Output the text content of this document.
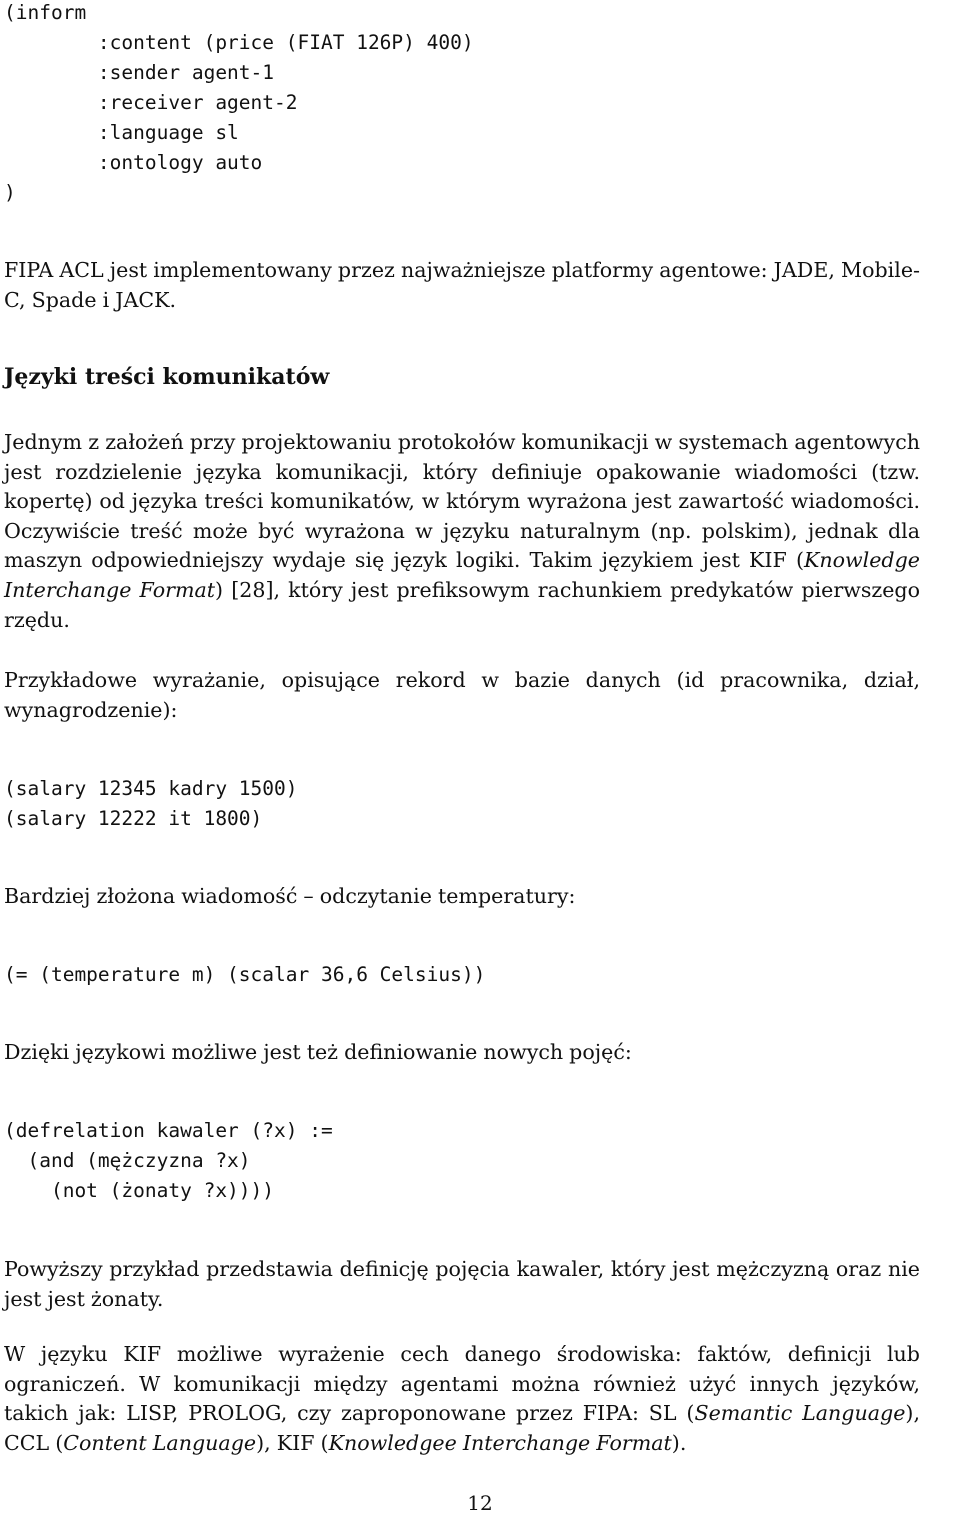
(inform
:content (price (FIAT 126P) 400)
:sender agent-1
:receiver agent-2
:language sl
:ontology auto
)

FIPA ACL jest implementowany przez najważniejsze platformy agentowe: JADE, Mobile-C, Spade i JACK.

Języki treści komunikatów

Jednym z założeń przy projektowaniu protokołów komunikacji w systemach agentowych jest rozdzielenie języka komunikacji, który definiuje opakowanie wiadomości (tzw. kopertę) od języka treści komunikatów, w którym wyrażona jest zawartość wiadomości. Oczywiście treść może być wyrażona w języku naturalnym (np. polskim), jednak dla maszyn odpowiedniejszy wydaje się język logiki. Takim językiem jest KIF (Knowledge Interchange Format) [28], który jest prefiksowym rachunkiem predykatów pierwszego rzędu.

Przykładowe wyrażanie, opisujące rekord w bazie danych (id pracownika, dział, wynagrodzenie):

(salary 12345 kadry 1500)
(salary 12222 it 1800)

Bardziej złożona wiadomość – odczytanie temperatury:

(= (temperature m) (scalar 36,6 Celsius))

Dzięki językowi możliwe jest też definiowanie nowych pojęć:

(defrelation kawaler (?x) :=
(and (mężczyzna ?x)
(not (żonaty ?x))))

Powyższy przykład przedstawia definicję pojęcia kawaler, który jest mężczyzną oraz nie jest jest żonaty.

W języku KIF możliwe wyrażenie cech danego środowiska: faktów, definicji lub ograniczeń. W komunikacji między agentami można również użyć innych języków, takich jak: LISP, PROLOG, czy zaproponowane przez FIPA: SL (Semantic Language), CCL (Content Language), KIF (Knowledgee Interchange Format).

12
